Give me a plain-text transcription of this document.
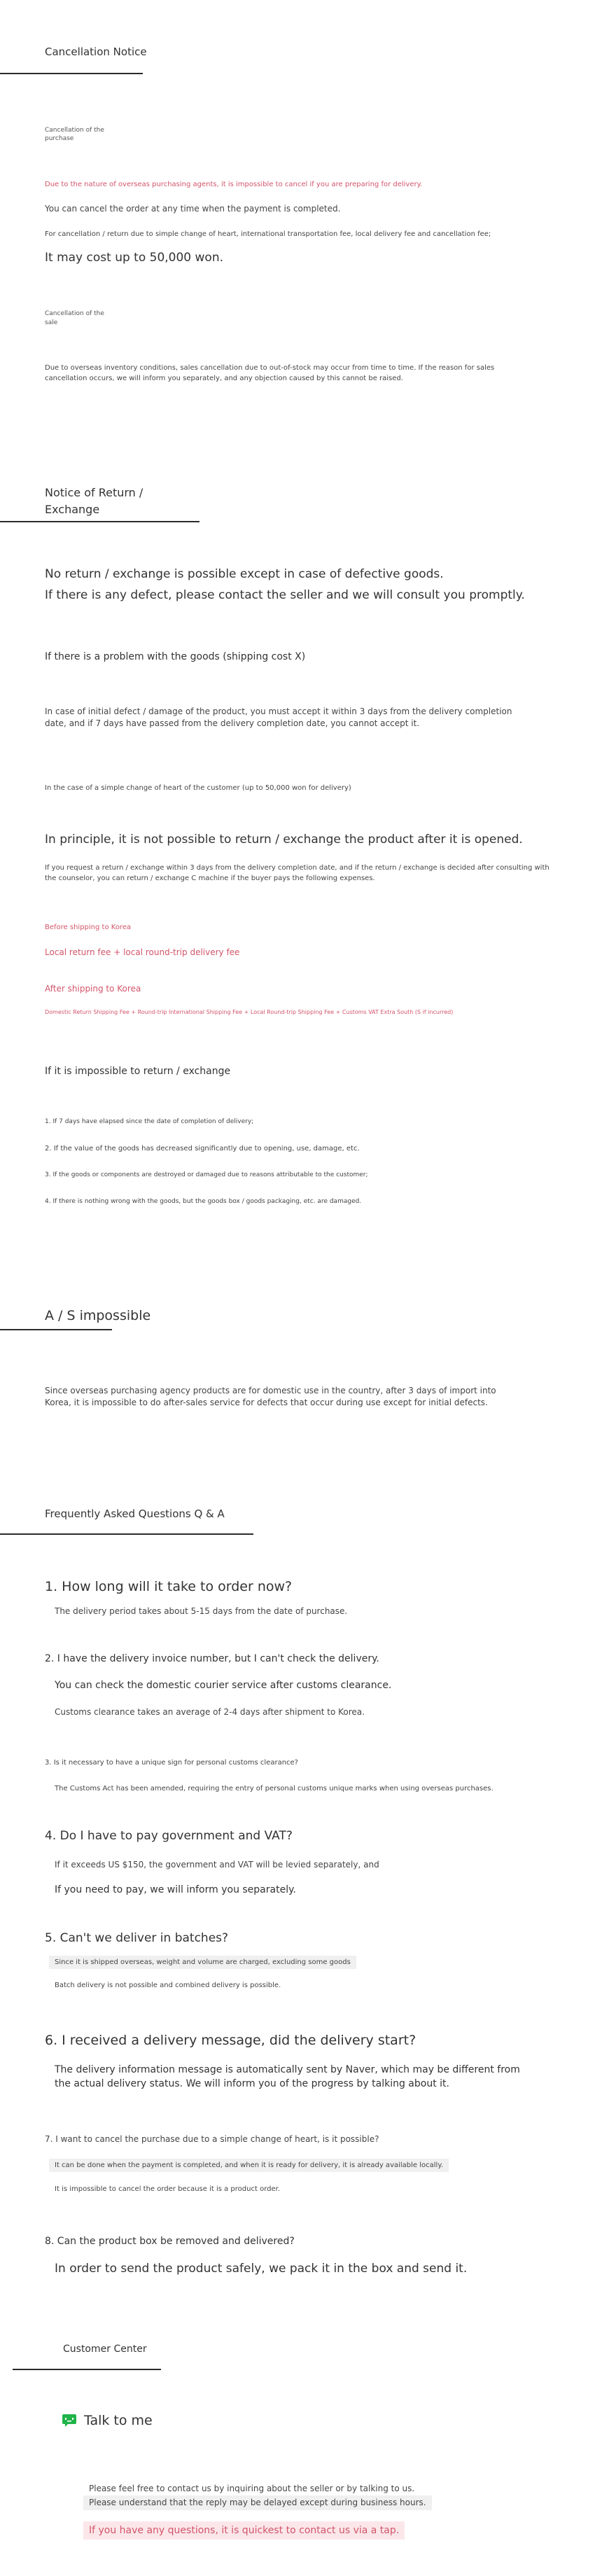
Cancellation Notice

Cancellation of the

purchase

Due to the nature of overseas purchasing agents, it is impossible to cancel if you are preparing for delivery.

You can cancel the order at any time when the payment is completed.

For cancellation / return due to simple change of heart, international transportation fee, local delivery fee and cancellation fee;

It may cost up to 50,000 won.

Cancellation of the

sale

Due to overseas inventory conditions, sales cancellation due to out-of-stock may occur from time to time. If the reason for sales cancellation occurs, we will inform you separately, and any objection caused by this cannot be raised.

Notice of Return /

Exchange

No return / exchange is possible except in case of defective goods.

If there is any defect, please contact the seller and we will consult you promptly.

If there is a problem with the goods (shipping cost X)

In case of initial defect / damage of the product, you must accept it within 3 days from the delivery completion date, and if 7 days have passed from the delivery completion date, you cannot accept it.

In the case of a simple change of heart of the customer (up to 50,000 won for delivery)

In principle, it is not possible to return / exchange the product after it is opened.

If you request a return / exchange within 3 days from the delivery completion date, and if the return / exchange is decided after consulting with the counselor, you can return / exchange C machine if the buyer pays the following expenses.

Before shipping to Korea

Local return fee + local round-trip delivery fee

After shipping to Korea

Domestic Return Shipping Fee + Round-trip International Shipping Fee + Local Round-trip Shipping Fee + Customs VAT Extra South (S if incurred)

If it is impossible to return / exchange

1. If 7 days have elapsed since the date of completion of delivery;

2. If the value of the goods has decreased significantly due to opening, use, damage, etc.

3. If the goods or components are destroyed or damaged due to reasons attributable to the customer;

4. If there is nothing wrong with the goods, but the goods box / goods packaging, etc. are damaged.

A / S impossible

Since overseas purchasing agency products are for domestic use in the country, after 3 days of import into Korea, it is impossible to do after-sales service for defects that occur during use except for initial defects.

Frequently Asked Questions Q & A

1. How long will it take to order now?

The delivery period takes about 5-15 days from the date of purchase.

2. I have the delivery invoice number, but I can't check the delivery.

You can check the domestic courier service after customs clearance.

Customs clearance takes an average of 2-4 days after shipment to Korea.

3. Is it necessary to have a unique sign for personal customs clearance?

The Customs Act has been amended, requiring the entry of personal customs unique marks when using overseas purchases.

4. Do I have to pay government and VAT?

If it exceeds US $150, the government and VAT will be levied separately, and

If you need to pay, we will inform you separately.

5. Can't we deliver in batches?

Since it is shipped overseas, weight and volume are charged, excluding some goods

Batch delivery is not possible and combined delivery is possible.

6. I received a delivery message, did the delivery start?

The delivery information message is automatically sent by Naver, which may be different from the actual delivery status. We will inform you of the progress by talking about it.

7. I want to cancel the purchase due to a simple change of heart, is it possible?

It can be done when the payment is completed, and when it is ready for delivery, it is already available locally.

It is impossible to cancel the order because it is a product order.

8. Can the product box be removed and delivered?

In order to send the product safely, we pack it in the box and send it.

Customer Center

Talk to me

Please feel free to contact us by inquiring about the seller or by talking to us.

Please understand that the reply may be delayed except during business hours.

If you have any questions, it is quickest to contact us via a tap.
